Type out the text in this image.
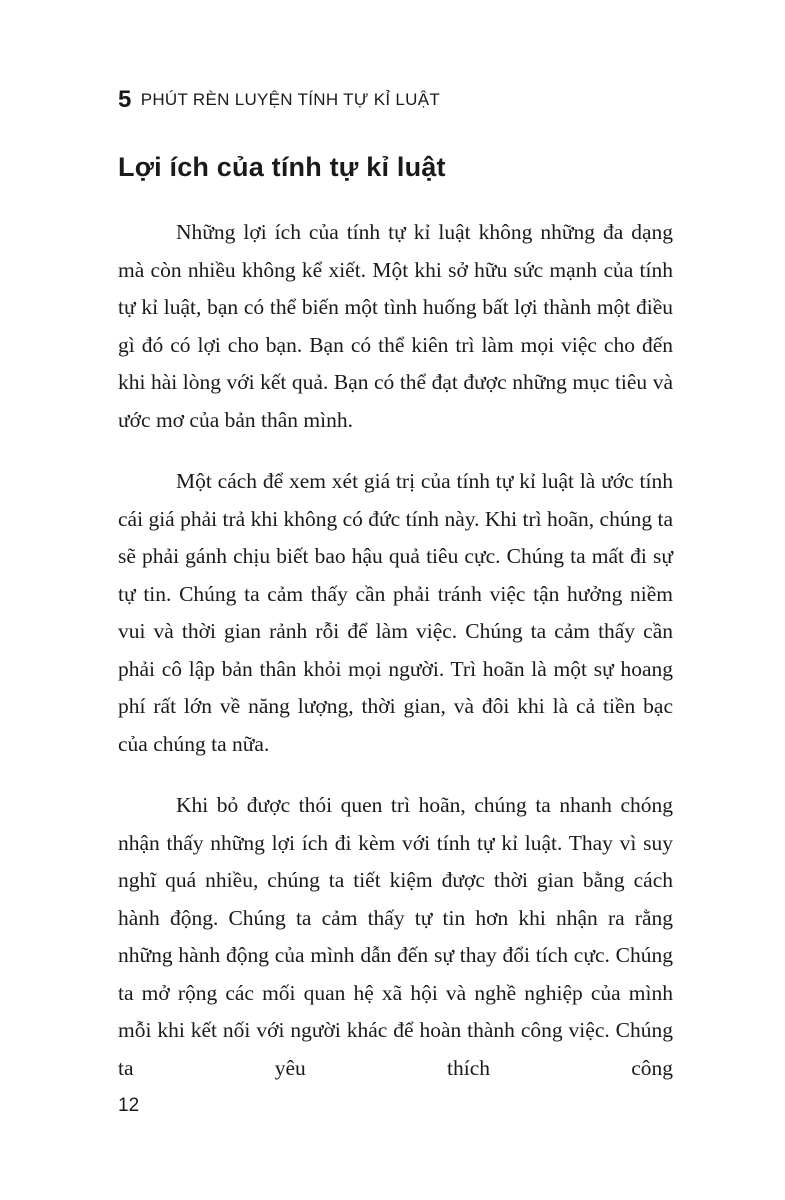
5 PHÚT RÈN LUYỆN TÍNH TỰ KỈ LUẬT
Lợi ích của tính tự kỉ luật

Những lợi ích của tính tự kỉ luật không những đa dạng mà còn nhiều không kể xiết. Một khi sở hữu sức mạnh của tính tự kỉ luật, bạn có thể biến một tình huống bất lợi thành một điều gì đó có lợi cho bạn. Bạn có thể kiên trì làm mọi việc cho đến khi hài lòng với kết quả. Bạn có thể đạt được những mục tiêu và ước mơ của bản thân mình.

Một cách để xem xét giá trị của tính tự kỉ luật là ước tính cái giá phải trả khi không có đức tính này. Khi trì hoãn, chúng ta sẽ phải gánh chịu biết bao hậu quả tiêu cực. Chúng ta mất đi sự tự tin. Chúng ta cảm thấy cần phải tránh việc tận hưởng niềm vui và thời gian rảnh rỗi để làm việc. Chúng ta cảm thấy cần phải cô lập bản thân khỏi mọi người. Trì hoãn là một sự hoang phí rất lớn về năng lượng, thời gian, và đôi khi là cả tiền bạc của chúng ta nữa.

Khi bỏ được thói quen trì hoãn, chúng ta nhanh chóng nhận thấy những lợi ích đi kèm với tính tự kỉ luật. Thay vì suy nghĩ quá nhiều, chúng ta tiết kiệm được thời gian bằng cách hành động. Chúng ta cảm thấy tự tin hơn khi nhận ra rằng những hành động của mình dẫn đến sự thay đổi tích cực. Chúng ta mở rộng các mối quan hệ xã hội và nghề nghiệp của mình mỗi khi kết nối với người khác để hoàn thành công việc. Chúng ta yêu thích công

12
